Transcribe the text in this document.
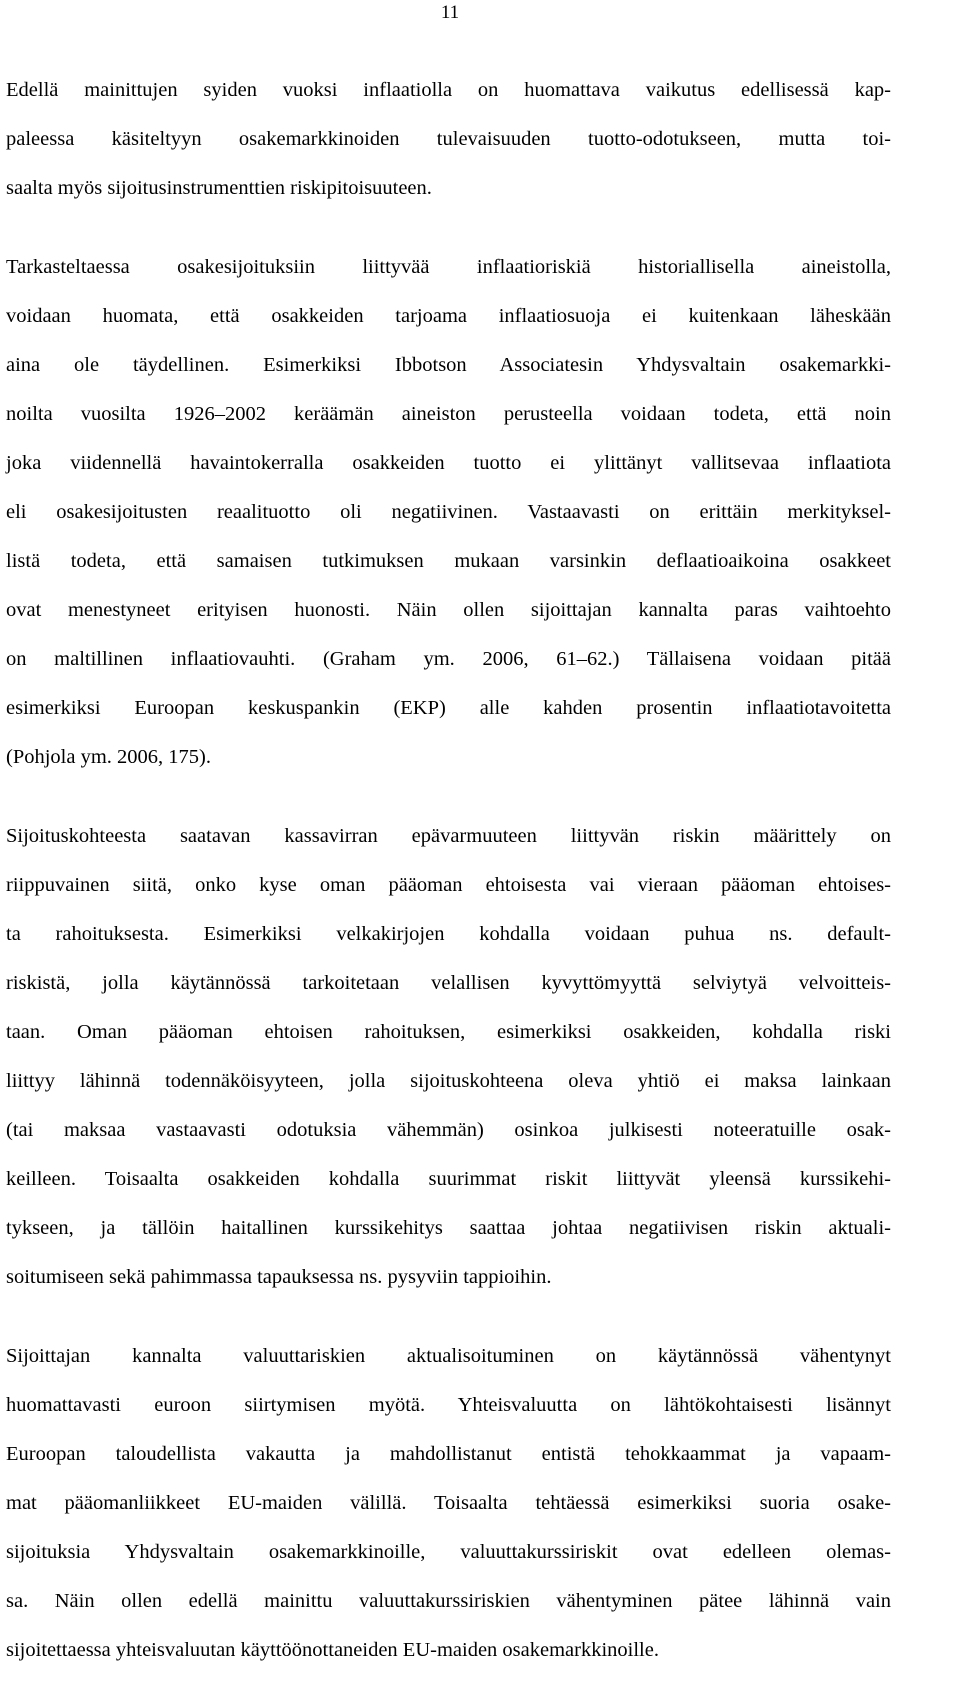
11
Edellä mainittujen syiden vuoksi inflaatiolla on huomattava vaikutus edellisessä kap-
paleessa käsiteltyyn osakemarkkinoiden tulevaisuuden tuotto-odotukseen, mutta toi-
saalta myös sijoitusinstrumenttien riskipitoisuuteen.
Tarkasteltaessa osakesijoituksiin liittyvää inflaatioriskiä historiallisella aineistolla,
voidaan huomata, että osakkeiden tarjoama inflaatiosuoja ei kuitenkaan läheskään
aina ole täydellinen. Esimerkiksi Ibbotson Associatesin Yhdysvaltain osakemarkki-
noilta vuosilta 1926–2002 keräämän aineiston perusteella voidaan todeta, että noin
joka viidennellä havaintokerralla osakkeiden tuotto ei ylittänyt vallitsevaa inflaatiota
eli osakesijoitusten reaalituotto oli negatiivinen. Vastaavasti on erittäin merkityksel-
listä todeta, että samaisen tutkimuksen mukaan varsinkin deflaatioaikoina osakkeet
ovat menestyneet erityisen huonosti. Näin ollen sijoittajan kannalta paras vaihtoehto
on maltillinen inflaatiovauhti. (Graham ym. 2006, 61–62.) Tällaisena voidaan pitää
esimerkiksi Euroopan keskuspankin (EKP) alle kahden prosentin inflaatiotavoitetta
(Pohjola ym. 2006, 175).
Sijoituskohteesta saatavan kassavirran epävarmuuteen liittyvän riskin määrittely on
riippuvainen siitä, onko kyse oman pääoman ehtoisesta vai vieraan pääoman ehtoises-
ta rahoituksesta. Esimerkiksi velkakirjojen kohdalla voidaan puhua ns. default-
riskistä, jolla käytännössä tarkoitetaan velallisen kyvyttömyyttä selviytyä velvoitteis-
taan. Oman pääoman ehtoisen rahoituksen, esimerkiksi osakkeiden, kohdalla riski
liittyy lähinnä todennäköisyyteen, jolla sijoituskohteena oleva yhtiö ei maksa lainkaan
(tai maksaa vastaavasti odotuksia vähemmän) osinkoa julkisesti noteeratuille osak-
keilleen. Toisaalta osakkeiden kohdalla suurimmat riskit liittyvät yleensä kurssikehi-
tykseen, ja tällöin haitallinen kurssikehitys saattaa johtaa negatiivisen riskin aktuali-
soitumiseen sekä pahimmassa tapauksessa ns. pysyviin tappioihin.
Sijoittajan kannalta valuuttariskien aktualisoituminen on käytännössä vähentynyt
huomattavasti euroon siirtymisen myötä. Yhteisvaluutta on lähtökohtaisesti lisännyt
Euroopan taloudellista vakautta ja mahdollistanut entistä tehokkaammat ja vapaam-
mat pääomanliikkeet EU-maiden välillä. Toisaalta tehtäessä esimerkiksi suoria osake-
sijoituksia Yhdysvaltain osakemarkkinoille, valuuttakurssiriskit ovat edelleen olemas-
sa. Näin ollen edellä mainittu valuuttakurssiriskien vähentyminen pätee lähinnä vain
sijoitettaessa yhteisvaluutan käyttöönottaneiden EU-maiden osakemarkkinoille.
